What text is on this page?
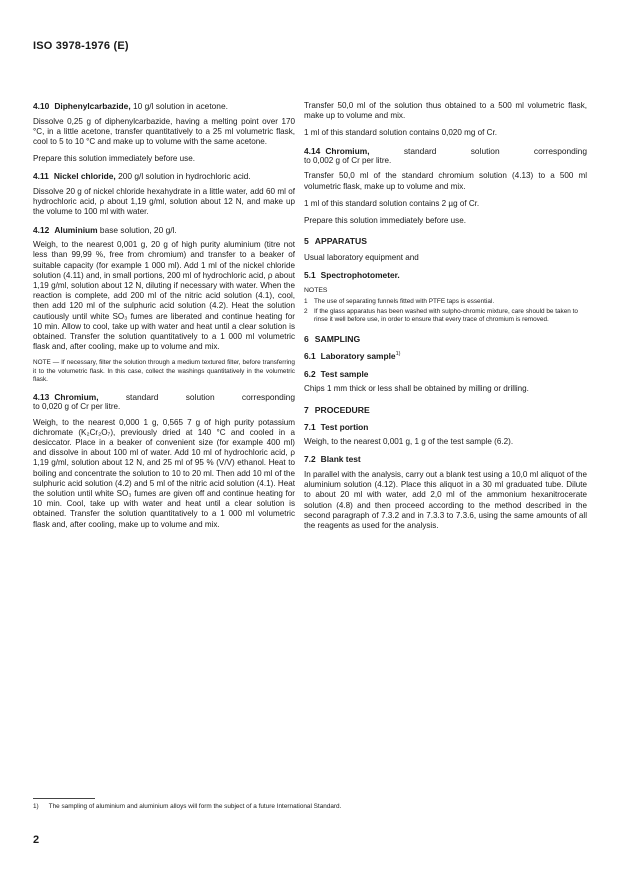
ISO 3978-1976 (E)
4.10 Diphenylcarbazide, 10 g/l solution in acetone.
Dissolve 0,25 g of diphenylcarbazide, having a melting point over 170 °C, in a little acetone, transfer quantitatively to a 25 ml volumetric flask, cool to 5 to 10 °C and make up to volume with the same acetone.
Prepare this solution immediately before use.
4.11 Nickel chloride, 200 g/l solution in hydrochloric acid.
Dissolve 20 g of nickel chloride hexahydrate in a little water, add 60 ml of hydrochloric acid, ρ about 1,19 g/ml, solution about 12 N, and make up the volume to 100 ml with water.
4.12 Aluminium base solution, 20 g/l.
Weigh, to the nearest 0,001 g, 20 g of high purity aluminium (titre not less than 99,99 %, free from chromium) and transfer to a beaker of suitable capacity (for example 1 000 ml). Add 1 ml of the nickel chloride solution (4.11) and, in small portions, 200 ml of hydrochloric acid, ρ about 1,19 g/ml, solution about 12 N, diluting if necessary with water. When the reaction is complete, add 200 ml of the nitric acid solution (4.1), cool, then add 120 ml of the sulphuric acid solution (4.2). Heat the solution cautiously until white SO₃ fumes are liberated and continue heating for 10 min. Allow to cool, take up with water and heat until a clear solution is obtained. Transfer the solution quantitatively to a 1 000 ml volumetric flask and, after cooling, make up to volume and mix.
NOTE — If necessary, filter the solution through a medium textured filter, before transferring it to the volumetric flask. In this case, collect the washings quantitatively in the volumetric flask.
4.13 Chromium,	standard	solution	corresponding
to 0,020 g of Cr per litre.
Weigh, to the nearest 0,000 1 g, 0,565 7 g of high purity potassium dichromate (K₂Cr₂O₇), previously dried at 140 °C and cooled in a desiccator. Place in a beaker of convenient size (for example 400 ml) and dissolve in about 100 ml of water. Add 10 ml of hydrochloric acid, ρ 1,19 g/ml, solution about 12 N, and 25 ml of 95 % (V/V) ethanol. Heat to boiling and concentrate the solution to 10 to 20 ml. Then add 10 ml of the sulphuric acid solution (4.2) and 5 ml of the nitric acid solution (4.1). Heat the solution until white SO₃ fumes are given off and continue heating for 10 min. Cool, take up with water and heat until a clear solution is obtained. Transfer the solution quantitatively to a 1 000 ml volumetric flask and, after cooling, make up to volume and mix.
Transfer 50,0 ml of the solution thus obtained to a 500 ml volumetric flask, make up to volume and mix.
1 ml of this standard solution contains 0,020 mg of Cr.
4.14 Chromium,	standard	solution	corresponding
to 0,002 g of Cr per litre.
Transfer 50,0 ml of the standard chromium solution (4.13) to a 500 ml volumetric flask, make up to volume and mix.
1 ml of this standard solution contains 2 µg of Cr.
Prepare this solution immediately before use.
5 APPARATUS
Usual laboratory equipment and
5.1 Spectrophotometer.
NOTES
1	The use of separating funnels fitted with PTFE taps is essential.
2	If the glass apparatus has been washed with sulpho-chromic mixture, care should be taken to rinse it well before use, in order to ensure that every trace of chromium is removed.
6 SAMPLING
6.1 Laboratory sample$^{1)}$
6.2 Test sample
Chips 1 mm thick or less shall be obtained by milling or drilling.
7 PROCEDURE
7.1 Test portion
Weigh, to the nearest 0,001 g, 1 g of the test sample (6.2).
7.2 Blank test
In parallel with the analysis, carry out a blank test using a 10,0 ml aliquot of the aluminium solution (4.12). Place this aliquot in a 30 ml graduated tube. Dilute to about 20 ml with water, add 2,0 ml of the ammonium hexanitrocerate solution (4.8) and then proceed according to the method described in the second paragraph of 7.3.2 and in 7.3.3 to 7.3.6, using the same amounts of all the reagents as used for the analysis.
1) The sampling of aluminium and aluminium alloys will form the subject of a future International Standard.
2
